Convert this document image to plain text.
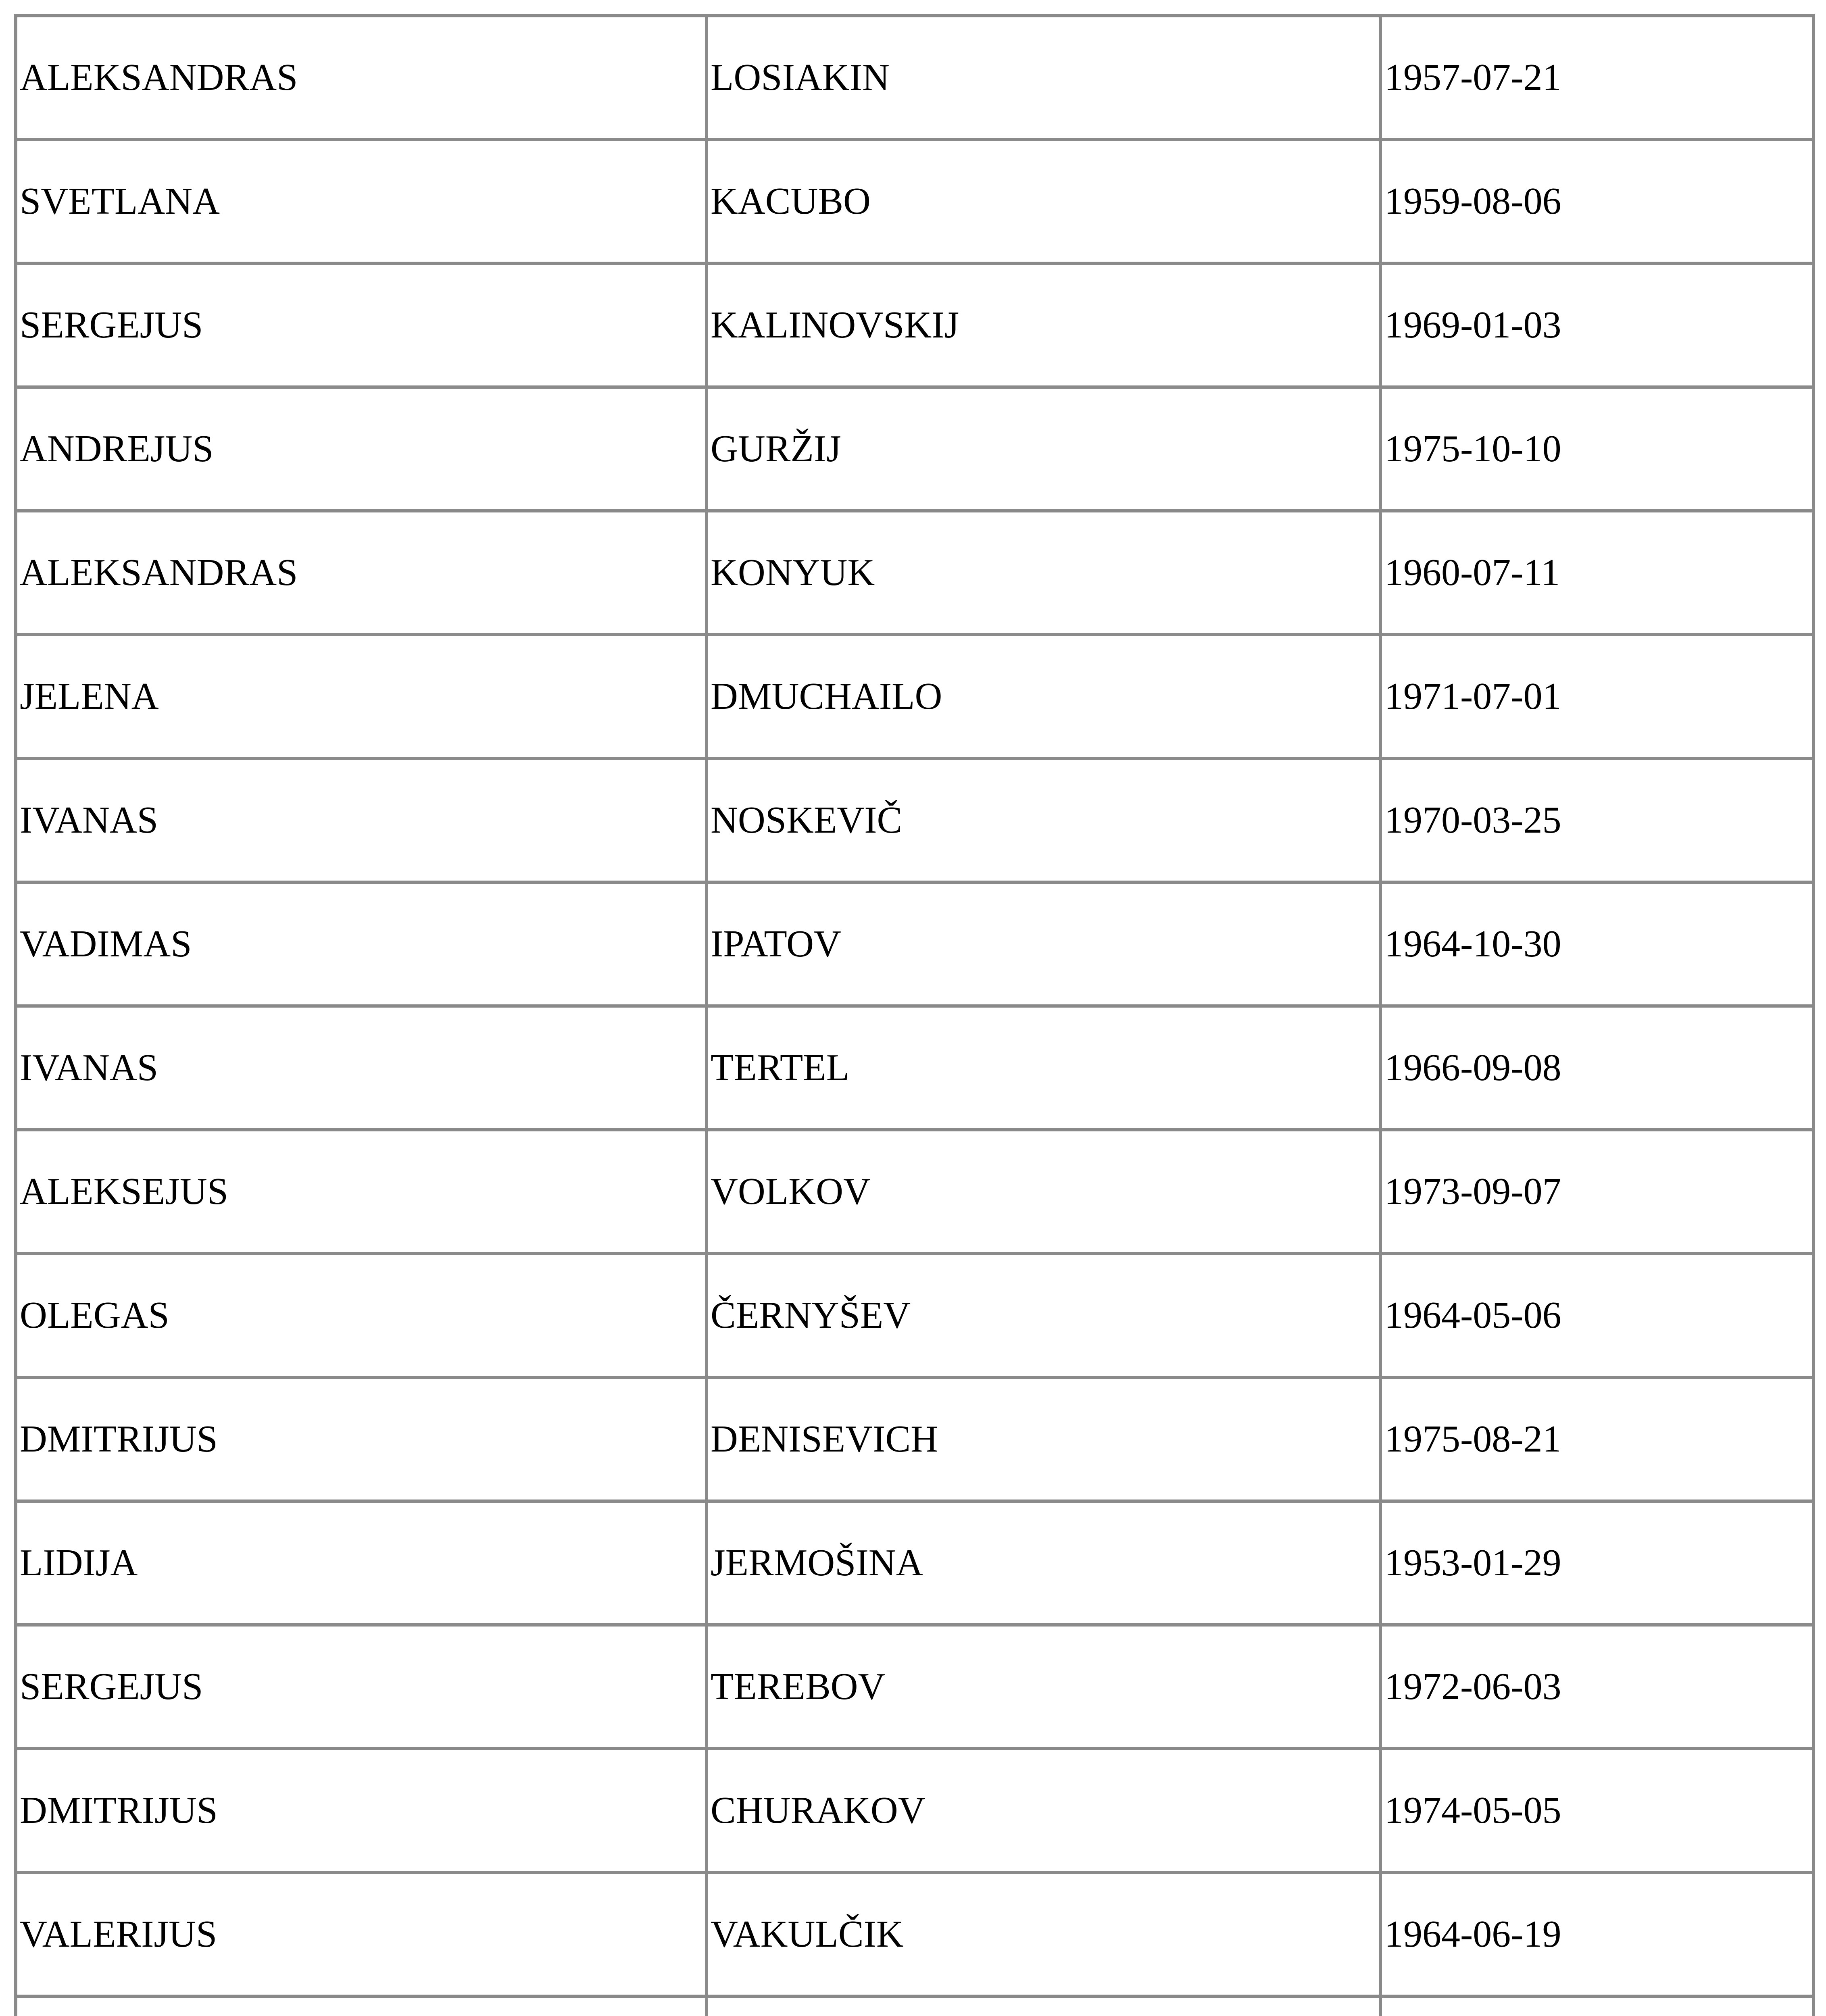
ALEKSANDRAS	LOSIAKIN	1957-07-21
SVETLANA	KACUBO	1959-08-06
SERGEJUS	KALINOVSKIJ	1969-01-03
ANDREJUS	GURŽIJ	1975-10-10
ALEKSANDRAS	KONYUK	1960-07-11
JELENA	DMUCHAILO	1971-07-01
IVANAS	NOSKEVIČ	1970-03-25
VADIMAS	IPATOV	1964-10-30
IVANAS	TERTEL	1966-09-08
ALEKSEJUS	VOLKOV	1973-09-07
OLEGAS	ČERNYŠEV	1964-05-06
DMITRIJUS	DENISEVICH	1975-08-21
LIDIJA	JERMOŠINA	1953-01-29
SERGEJUS	TEREBOV	1972-06-03
DMITRIJUS	CHURAKOV	1974-05-05
VALERIJUS	VAKULČIK	1964-06-19
